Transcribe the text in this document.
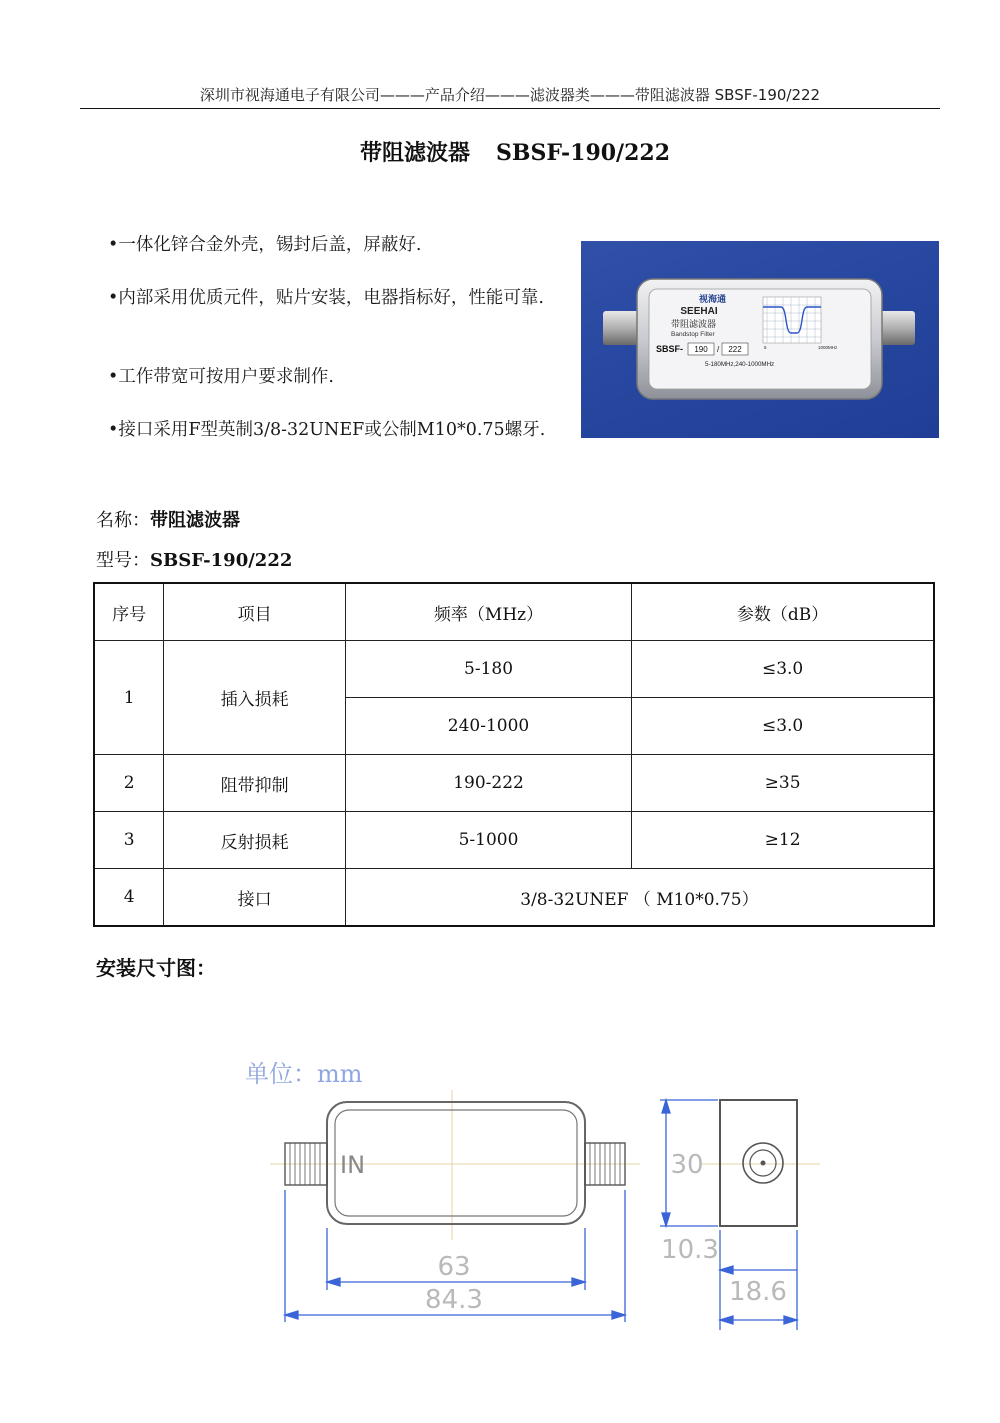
深圳市视海通电子有限公司———产品介绍———滤波器类———带阻滤波器 SBSF-190/222
带阻滤波器 SBSF-190/222
•一体化锌合金外壳，锡封后盖，屏蔽好.
•内部采用优质元件，贴片安装，电器指标好，性能可靠.
•工作带宽可按用户要求制作.
•接口采用F型英制3/8-32UNEF或公制M10*0.75螺牙.
视海通
SEEHAI
带阻滤波器
Bandstop Filter
SBSF- 190 / 222
5-180MHz,240-1000MHz
5	1000MHz
名称：带阻滤波器
型号：SBSF-190/222
序号	项目	频率（MHz）	参数（dB）
1	插入损耗	5-180	≤3.0
		240-1000	≤3.0
2	阻带抑制	190-222	≥35
3	反射损耗	5-1000	≥12
4	接口	3/8-32UNEF （ M10*0.75）	
安装尺寸图：
单位：mm
IN
63
84.3
30
10.3
18.6
